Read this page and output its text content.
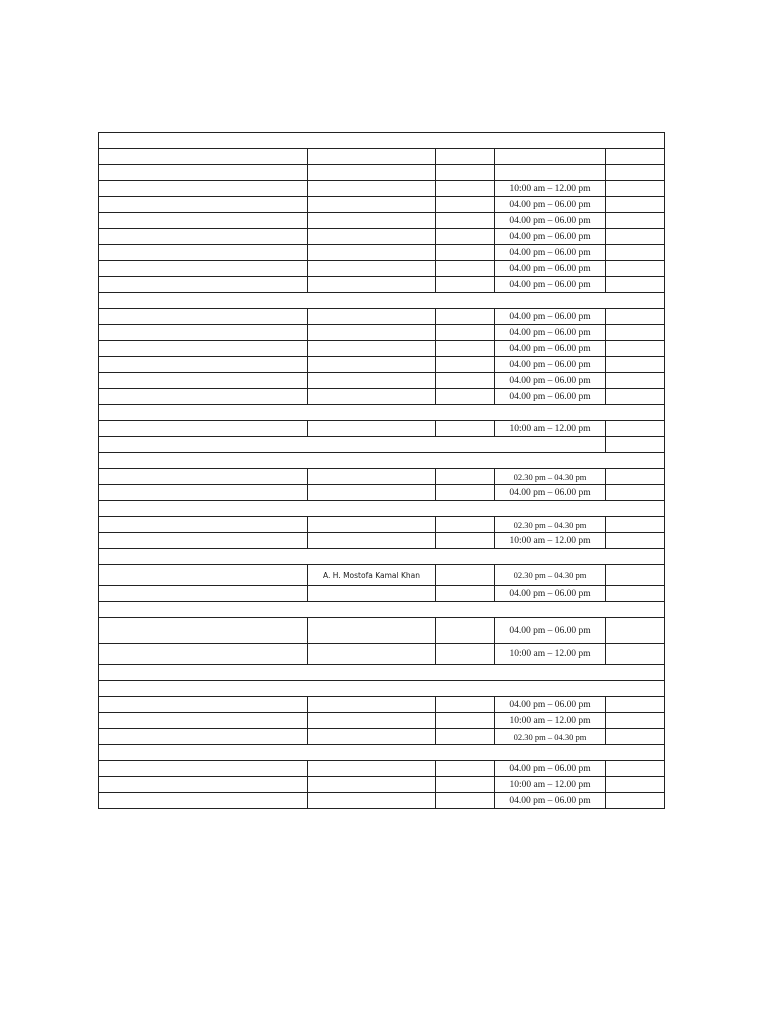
			10:00 am – 12.00 pm	
			04.00 pm – 06.00 pm	
			04.00 pm – 06.00 pm	
			04.00 pm – 06.00 pm	
			04.00 pm – 06.00 pm	
			04.00 pm – 06.00 pm	
			04.00 pm – 06.00 pm	

			04.00 pm – 06.00 pm	
			04.00 pm – 06.00 pm	
			04.00 pm – 06.00 pm	
			04.00 pm – 06.00 pm	
			04.00 pm – 06.00 pm	
			04.00 pm – 06.00 pm	

			10:00 am – 12.00 pm	

			02.30 pm – 04.30 pm	
			04.00 pm – 06.00 pm	

			02.30 pm – 04.30 pm	
			10:00 am – 12.00 pm	

	A. H. Mostofa Kamal Khan		02.30 pm – 04.30 pm	
			04.00 pm – 06.00 pm	

			04.00 pm – 06.00 pm	
			10:00 am – 12.00 pm	

			04.00 pm – 06.00 pm	
			10:00 am – 12.00 pm	
			02.30 pm – 04.30 pm	

			04.00 pm – 06.00 pm	
			10:00 am – 12.00 pm	
			04.00 pm – 06.00 pm	
